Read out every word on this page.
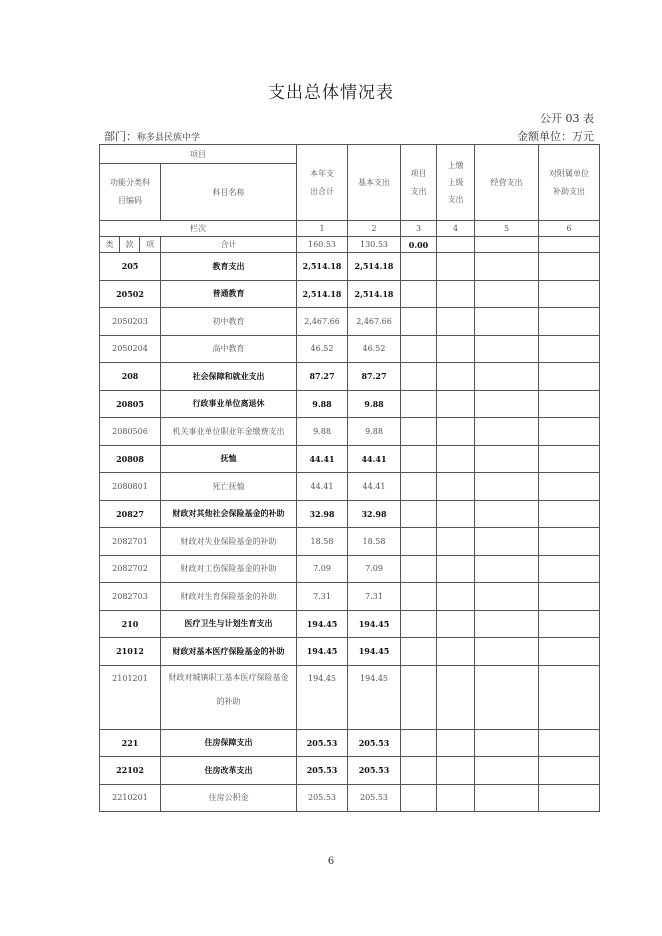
支出总体情况表
公开 03 表
部门：称多县民族中学	金额单位：万元
项目				本年支出合计	基本支出	项目支出	上缴上级支出	经营支出	对附属单位补助支出

功能分类科目编码			科目名称						
栏次				1	2	3	4	5	6
类	款	项	合计	160.53	130.53	0.00			
205			教育支出	2,514.18	2,514.18				
20502			普通教育	2,514.18	2,514.18				
2050203			初中教育	2,467.66	2,467.66				
2050204			高中教育	46.52	46.52				
208			社会保障和就业支出	87.27	87.27				
20805			行政事业单位离退休	9.88	9.88				
2080506			机关事业单位职业年金缴费支出	9.88	9.88				
20808			抚恤	44.41	44.41				
2080801			死亡抚恤	44.41	44.41				
20827			财政对其他社会保险基金的补助	32.98	32.98				
2082701			财政对失业保险基金的补助	18.58	18.58				
2082702			财政对工伤保险基金的补助	7.09	7.09				
2082703			财政对生育保险基金的补助	7.31	7.31				
210			医疗卫生与计划生育支出	194.45	194.45				
21012			财政对基本医疗保险基金的补助	194.45	194.45				
2101201			财政对城镇职工基本医疗保险基金的补助	194.45	194.45				
221			住房保障支出	205.53	205.53				
22102			住房改革支出	205.53	205.53				
2210201			住房公积金	205.53	205.53				
6
